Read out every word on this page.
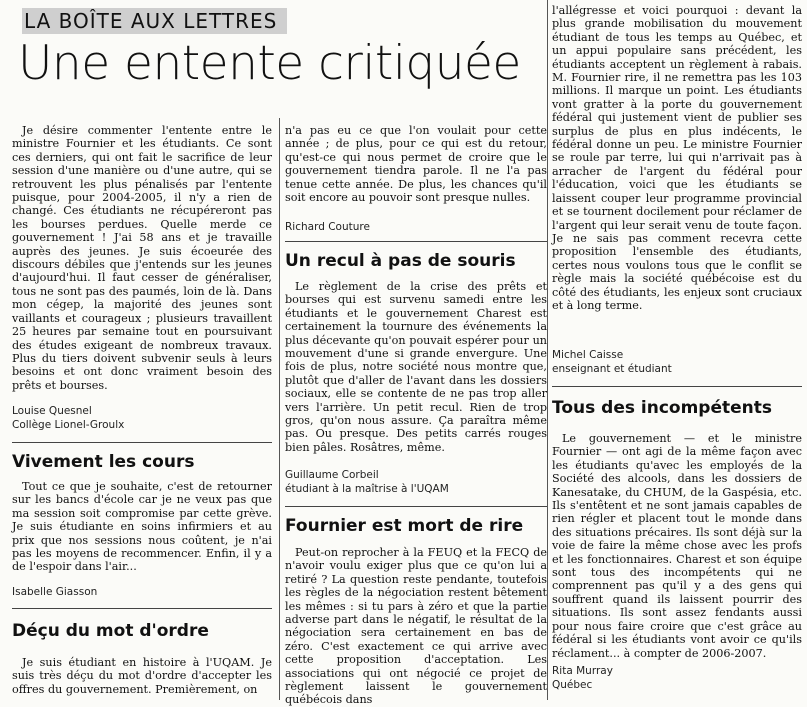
LA BOÎTE AUX LETTRES
Une entente critiquée

Je désire commenter l'entente entre le ministre Fournier et les étudiants. Ce sont ces derniers, qui ont fait le sacrifice de leur session d'une manière ou d'une autre, qui se retrouvent les plus pénalisés par l'entente puisque, pour 2004-2005, il n'y a rien de changé. Ces étudiants ne récupéreront pas les bourses perdues. Quelle merde ce gouvernement ! J'ai 58 ans et je travaille auprès des jeunes. Je suis écoeurée des discours débiles que j'entends sur les jeunes d'aujourd'hui. Il faut cesser de généraliser, tous ne sont pas des paumés, loin de là. Dans mon cégep, la majorité des jeunes sont vaillants et courageux ; plusieurs travaillent 25 heures par semaine tout en poursuivant des études exigeant de nombreux travaux. Plus du tiers doivent subvenir seuls à leurs besoins et ont donc vraiment besoin des prêts et bourses.

Louise Quesnel
Collège Lionel-Groulx
Vivement les cours

Tout ce que je souhaite, c'est de retourner sur les bancs d'école car je ne veux pas que ma session soit compromise par cette grève. Je suis étudiante en soins infirmiers et au prix que nos sessions nous coûtent, je n'ai pas les moyens de recommencer. Enfin, il y a de l'espoir dans l'air...

Isabelle Giasson
Déçu du mot d'ordre

Je suis étudiant en histoire à l'UQAM. Je suis très déçu du mot d'ordre d'accepter les offres du gouvernement. Premièrement, on

n'a pas eu ce que l'on voulait pour cette année ; de plus, pour ce qui est du retour, qu'est-ce qui nous permet de croire que le gouvernement tiendra parole. Il ne l'a pas tenue cette année. De plus, les chances qu'il soit encore au pouvoir sont presque nulles.

Richard Couture
Un recul à pas de souris

Le règlement de la crise des prêts et bourses qui est survenu samedi entre les étudiants et le gouvernement Charest est certainement la tournure des événements la plus décevante qu'on pouvait espérer pour un mouvement d'une si grande envergure. Une fois de plus, notre société nous montre que, plutôt que d'aller de l'avant dans les dossiers sociaux, elle se contente de ne pas trop aller vers l'arrière. Un petit recul. Rien de trop gros, qu'on nous assure. Ça paraîtra même pas. Ou presque. Des petits carrés rouges bien pâles. Rosâtres, même.

Guillaume Corbeil
étudiant à la maîtrise à l'UQAM
Fournier est mort de rire

Peut-on reprocher à la FEUQ et la FECQ de n'avoir voulu exiger plus que ce qu'on lui a retiré ? La question reste pendante, toutefois les règles de la négociation restent bêtement les mêmes : si tu pars à zéro et que la partie adverse part dans le négatif, le résultat de la négociation sera certainement en bas de zéro. C'est exactement ce qui arrive avec cette proposition d'acceptation. Les associations qui ont négocié ce projet de règlement laissent le gouvernement québécois dans

l'allégresse et voici pourquoi : devant la plus grande mobilisation du mouvement étudiant de tous les temps au Québec, et un appui populaire sans précédent, les étudiants acceptent un règlement à rabais. M. Fournier rire, il ne remettra pas les 103 millions. Il marque un point. Les étudiants vont gratter à la porte du gouvernement fédéral qui justement vient de publier ses surplus de plus en plus indécents, le fédéral donne un peu. Le ministre Fournier se roule par terre, lui qui n'arrivait pas à arracher de l'argent du fédéral pour l'éducation, voici que les étudiants se laissent couper leur programme provincial et se tournent docilement pour réclamer de l'argent qui leur serait venu de toute façon. Je ne sais pas comment recevra cette proposition l'ensemble des étudiants, certes nous voulons tous que le conflit se règle mais la société québécoise est du côté des étudiants, les enjeux sont cruciaux et à long terme.

Michel Caisse
enseignant et étudiant
Tous des incompétents

Le gouvernement — et le ministre Fournier — ont agi de la même façon avec les étudiants qu'avec les employés de la Société des alcools, dans les dossiers de Kanesatake, du CHUM, de la Gaspésia, etc. Ils s'entêtent et ne sont jamais capables de rien régler et placent tout le monde dans des situations précaires. Ils sont déjà sur la voie de faire la même chose avec les profs et les fonctionnaires. Charest et son équipe sont tous des incompétents qui ne comprennent pas qu'il y a des gens qui souffrent quand ils laissent pourrir des situations. Ils sont assez fendants aussi pour nous faire croire que c'est grâce au fédéral si les étudiants vont avoir ce qu'ils réclament... à compter de 2006-2007.

Rita Murray
Québec
